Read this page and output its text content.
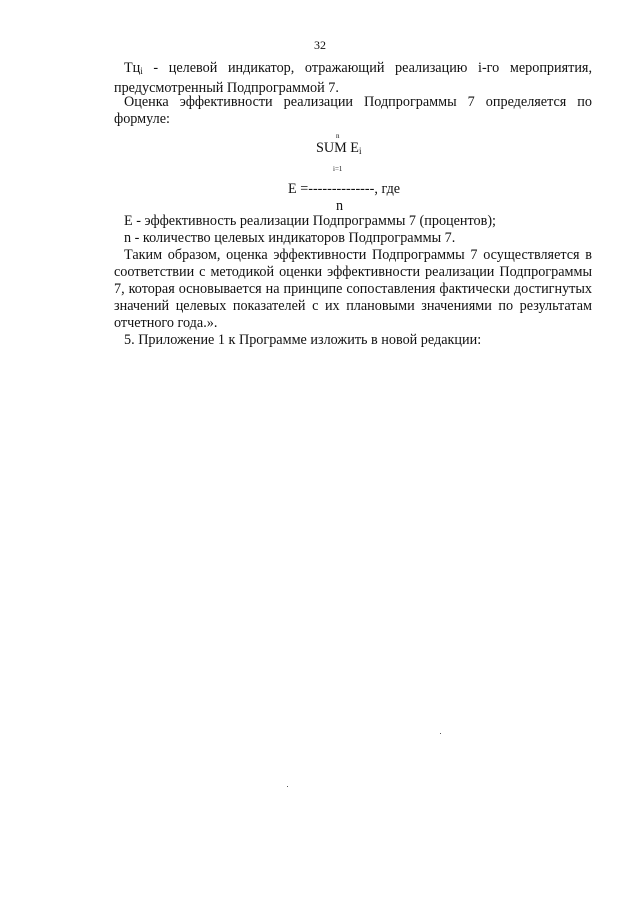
32
$Тц_i$ - целевой индикатор, отражающий реализацию i-го мероприятия, предусмотренный Подпрограммой 7.
Оценка эффективности реализации Подпрограммы 7 определяется по формуле:
n
SUM $E_i$
i=1
E =--------------, где
n
Е - эффективность реализации Подпрограммы 7 (процентов);
n - количество целевых индикаторов Подпрограммы 7.
Таким образом, оценка эффективности Подпрограммы 7 осуществляется в соответствии с методикой оценки эффективности реализации Подпрограммы 7, которая основывается на принципе сопоставления фактически достигнутых значений целевых показателей с их плановыми значениями по результатам отчетного года.».
5. Приложение 1 к Программе изложить в новой редакции:
